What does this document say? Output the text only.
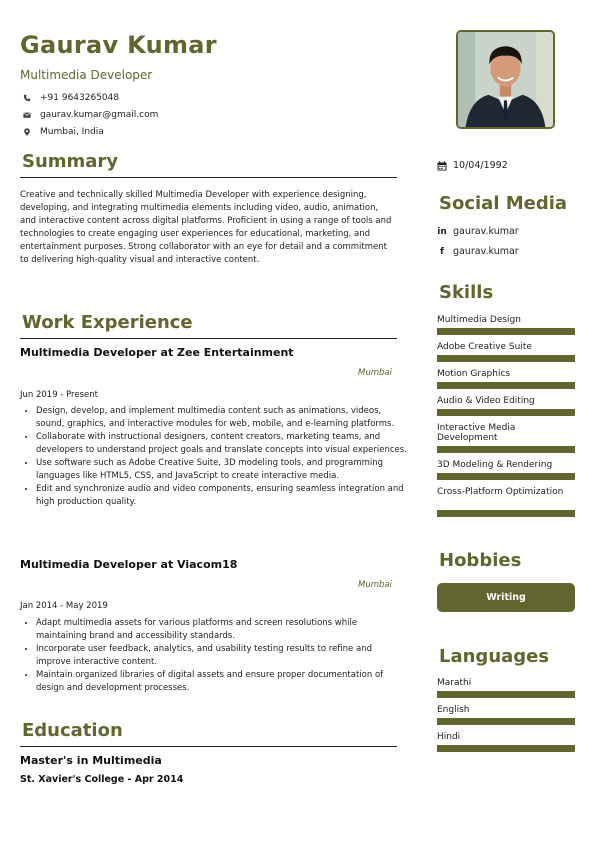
Gaurav Kumar
Multimedia Developer
+91 9643265048
gaurav.kumar@gmail.com
Mumbai, India
Summary
Creative and technically skilled Multimedia Developer with experience designing, developing, and integrating multimedia elements including video, audio, animation, and interactive content across digital platforms. Proficient in using a range of tools and technologies to create engaging user experiences for educational, marketing, and entertainment purposes. Strong collaborator with an eye for detail and a commitment to delivering high-quality visual and interactive content.
Work Experience
Multimedia Developer at Zee Entertainment
Mumbai
Jun 2019 - Present
• Design, develop, and implement multimedia content such as animations, videos, sound, graphics, and interactive modules for web, mobile, and e-learning platforms.
• Collaborate with instructional designers, content creators, marketing teams, and developers to understand project goals and translate concepts into visual experiences.
• Use software such as Adobe Creative Suite, 3D modeling tools, and programming languages like HTML5, CSS, and JavaScript to create interactive media.
• Edit and synchronize audio and video components, ensuring seamless integration and high production quality.
Multimedia Developer at Viacom18
Mumbai
Jan 2014 - May 2019
• Adapt multimedia assets for various platforms and screen resolutions while maintaining brand and accessibility standards.
• Incorporate user feedback, analytics, and usability testing results to refine and improve interactive content.
• Maintain organized libraries of digital assets and ensure proper documentation of design and development processes.
Education
Master's in Multimedia
St. Xavier's College - Apr 2014
10/04/1992
Social Media
in gaurav.kumar
f gaurav.kumar
Skills
Multimedia Design
Adobe Creative Suite
Motion Graphics
Audio & Video Editing
Interactive Media Development
3D Modeling & Rendering
Cross-Platform Optimization
Hobbies
Writing
Languages
Marathi
English
Hindi
